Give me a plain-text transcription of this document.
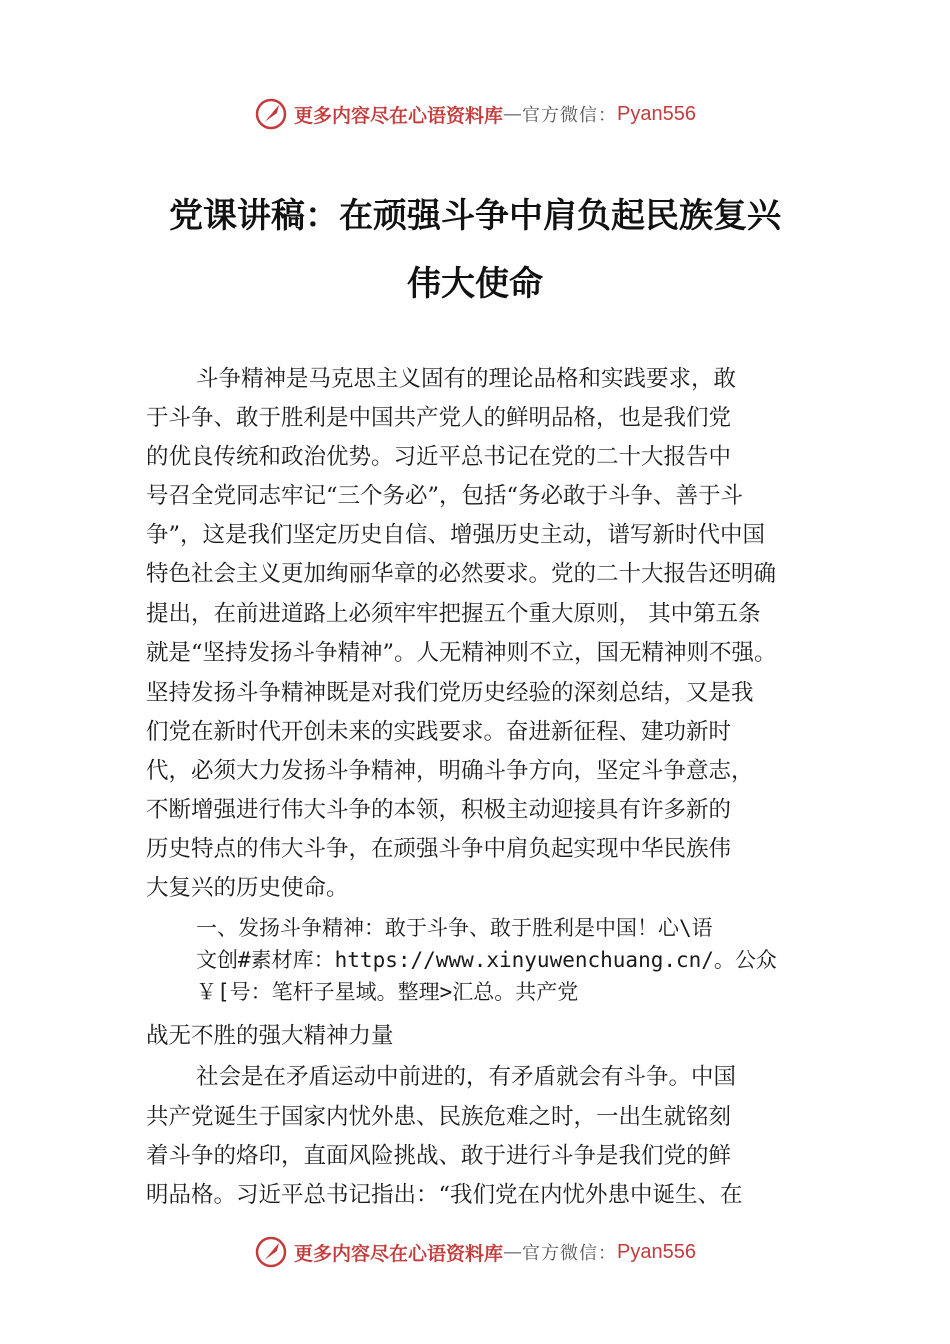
更多内容尽在心语资料库 — 官方微信： Pyan556
党课讲稿：在顽强斗争中肩负起民族复兴
伟大使命
斗争精神是马克思主义固有的理论品格和实践要求，敢
于斗争、敢于胜利是中国共产党人的鲜明品格，也是我们党
的优良传统和政治优势。习近平总书记在党的二十大报告中
号召全党同志牢记“三个务必”，包括“务必敢于斗争、善于斗
争”，这是我们坚定历史自信、增强历史主动，谱写新时代中国
特色社会主义更加绚丽华章的必然要求。党的二十大报告还明确
提出，在前进道路上必须牢牢把握五个重大原则， 其中第五条
就是“坚持发扬斗争精神”。人无精神则不立，国无精神则不强。
坚持发扬斗争精神既是对我们党历史经验的深刻总结，又是我
们党在新时代开创未来的实践要求。奋进新征程、建功新时
代，必须大力发扬斗争精神，明确斗争方向，坚定斗争意志，
不断增强进行伟大斗争的本领，积极主动迎接具有许多新的
历史特点的伟大斗争，在顽强斗争中肩负起实现中华民族伟
大复兴的历史使命。
一、发扬斗争精神：敢于斗争、敢于胜利是中国！心\语
文创#素材库：https://www.xinyuwenchuang.cn/。公众
￥[号：笔杆子星域。整理>汇总。共产党
战无不胜的强大精神力量
社会是在矛盾运动中前进的，有矛盾就会有斗争。中国
共产党诞生于国家内忧外患、民族危难之时，一出生就铭刻
着斗争的烙印，直面风险挑战、敢于进行斗争是我们党的鲜
明品格。习近平总书记指出：“我们党在内忧外患中诞生、在
更多内容尽在心语资料库 — 官方微信： Pyan556
